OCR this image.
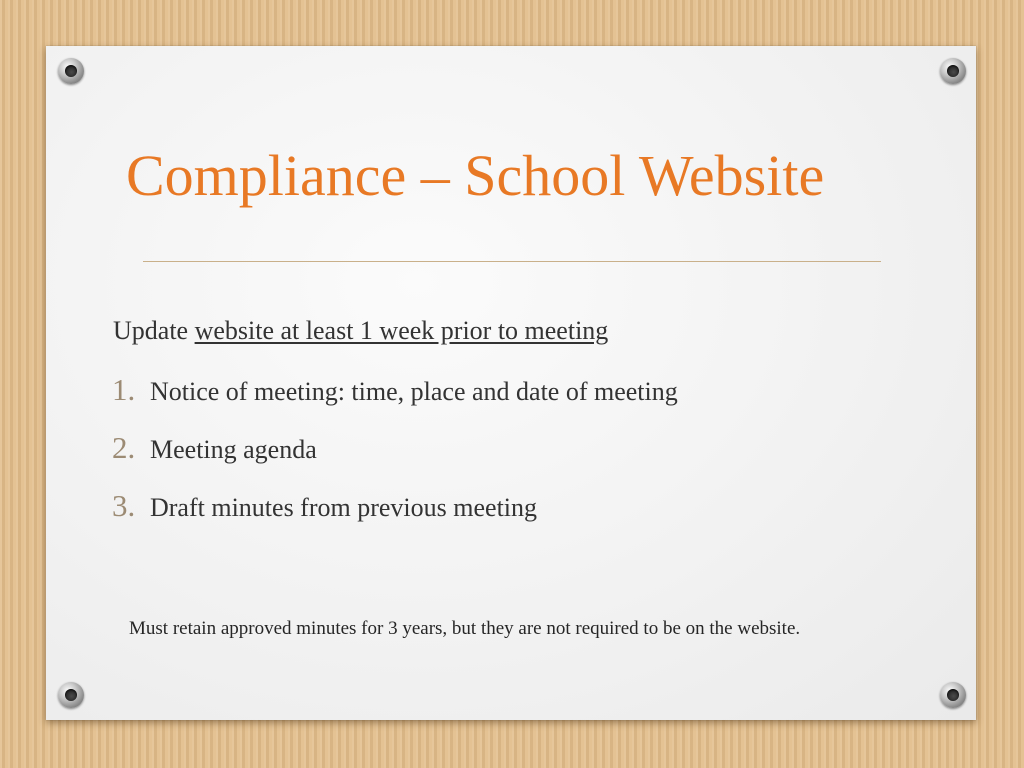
Compliance – School Website
Update website at least 1 week prior to meeting
1. Notice of meeting: time, place and date of meeting
2. Meeting agenda
3. Draft minutes from previous meeting
Must retain approved minutes for 3 years, but they are not required to be on the website.
